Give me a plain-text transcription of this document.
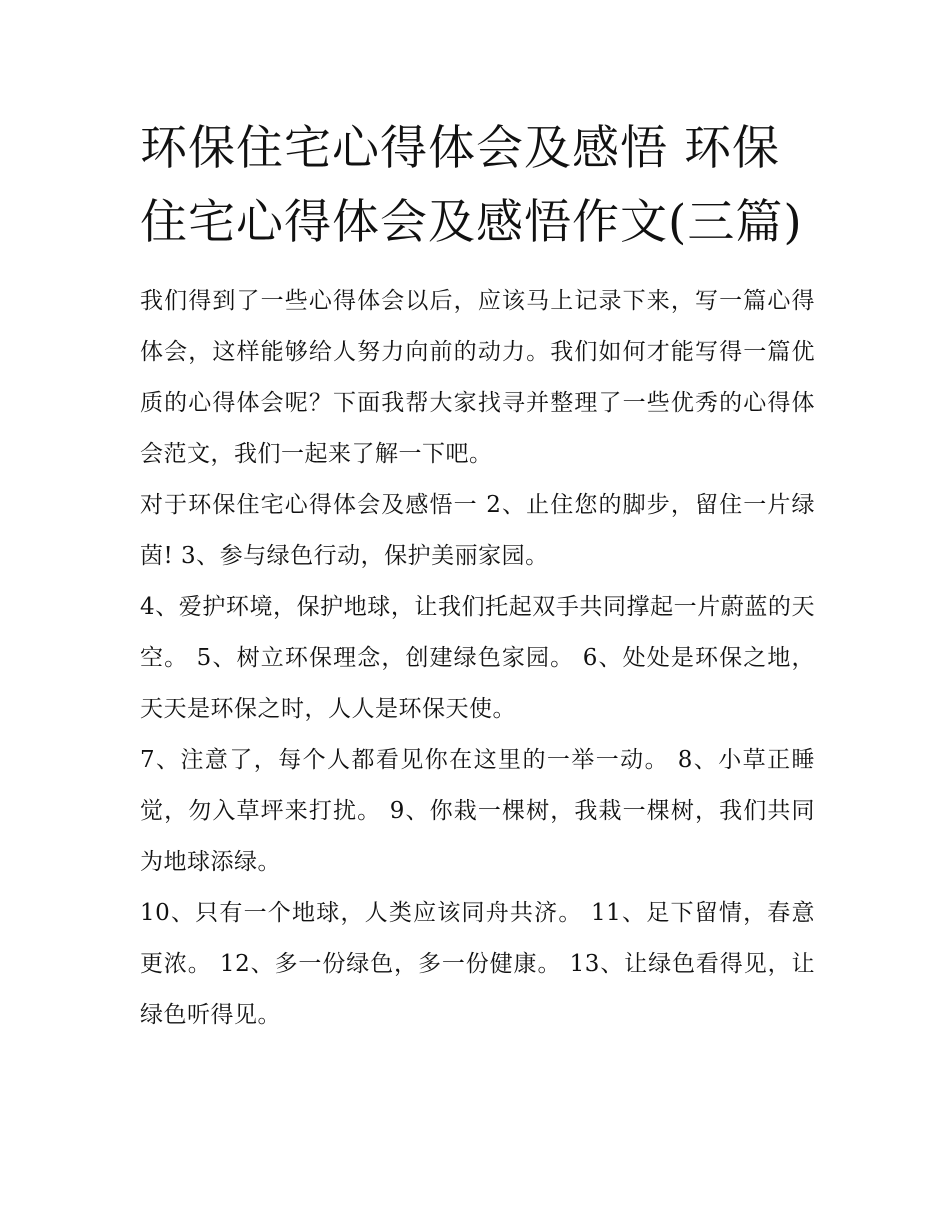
环保住宅心得体会及感悟 环保住宅心得体会及感悟作文(三篇)

我们得到了一些心得体会以后，应该马上记录下来，写一篇心得体会，这样能够给人努力向前的动力。我们如何才能写得一篇优质的心得体会呢？下面我帮大家找寻并整理了一些优秀的心得体会范文，我们一起来了解一下吧。

对于环保住宅心得体会及感悟一 2、止住您的脚步，留住一片绿茵! 3、参与绿色行动，保护美丽家园。

4、爱护环境，保护地球，让我们托起双手共同撑起一片蔚蓝的天空。 5、树立环保理念，创建绿色家园。 6、处处是环保之地，天天是环保之时，人人是环保天使。

7、注意了，每个人都看见你在这里的一举一动。 8、小草正睡觉，勿入草坪来打扰。 9、你栽一棵树，我栽一棵树，我们共同为地球添绿。

10、只有一个地球，人类应该同舟共济。 11、足下留情，春意更浓。 12、多一份绿色，多一份健康。 13、让绿色看得见，让绿色听得见。
